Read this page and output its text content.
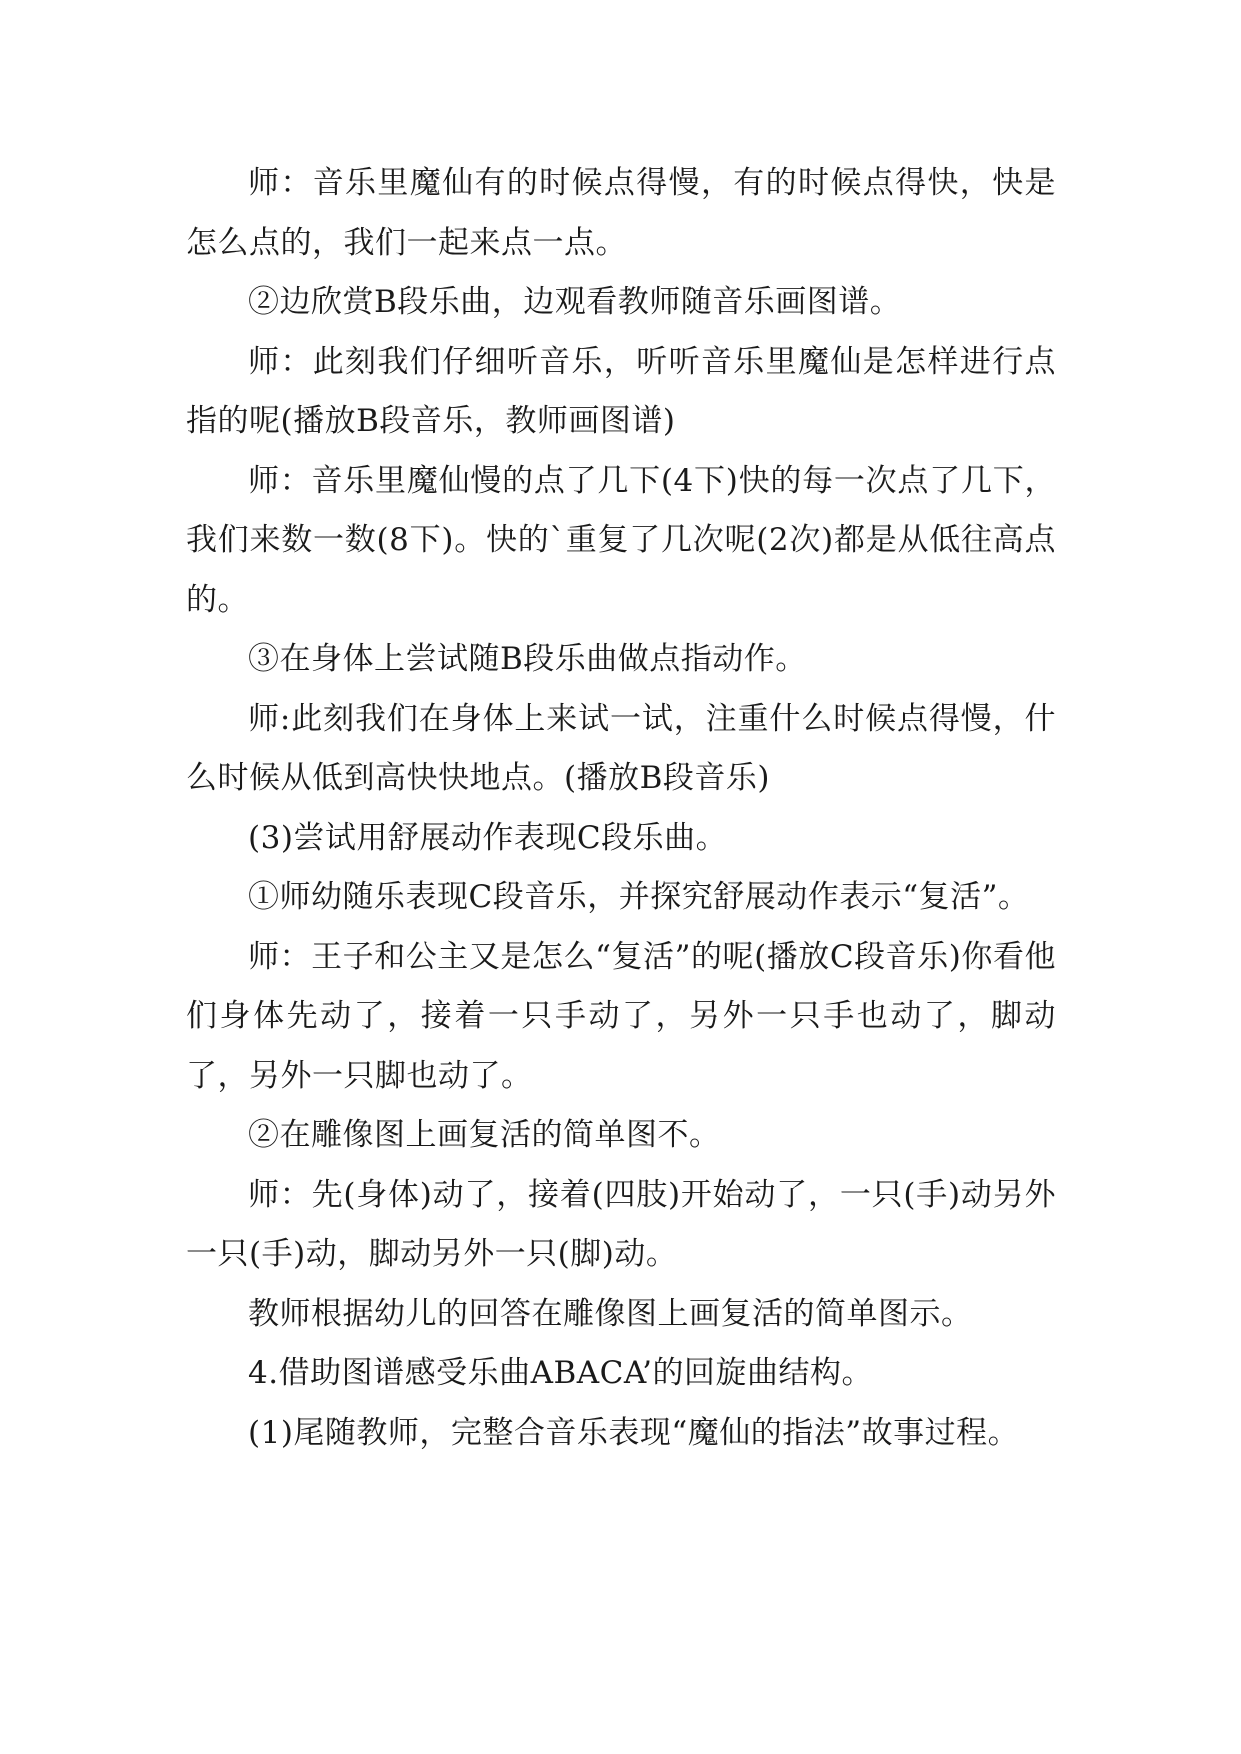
师：音乐里魔仙有的时候点得慢，有的时候点得快，快是怎么点的，我们一起来点一点。

②边欣赏B段乐曲，边观看教师随音乐画图谱。

师：此刻我们仔细听音乐，听听音乐里魔仙是怎样进行点指的呢(播放B段音乐，教师画图谱)

师：音乐里魔仙慢的点了几下(4下)快的每一次点了几下，我们来数一数(8下)。快的`重复了几次呢(2次)都是从低往高点的。

③在身体上尝试随B段乐曲做点指动作。

师:此刻我们在身体上来试一试，注重什么时候点得慢，什么时候从低到高快快地点。(播放B段音乐)

(3)尝试用舒展动作表现C段乐曲。

①师幼随乐表现C段音乐，并探究舒展动作表示“复活”。

师：王子和公主又是怎么“复活”的呢(播放C段音乐)你看他们身体先动了，接着一只手动了，另外一只手也动了，脚动了，另外一只脚也动了。

②在雕像图上画复活的简单图不。

师：先(身体)动了，接着(四肢)开始动了，一只(手)动另外一只(手)动，脚动另外一只(脚)动。

教师根据幼儿的回答在雕像图上画复活的简单图示。

4.借助图谱感受乐曲ABACA’的回旋曲结构。

(1)尾随教师，完整合音乐表现“魔仙的指法”故事过程。
